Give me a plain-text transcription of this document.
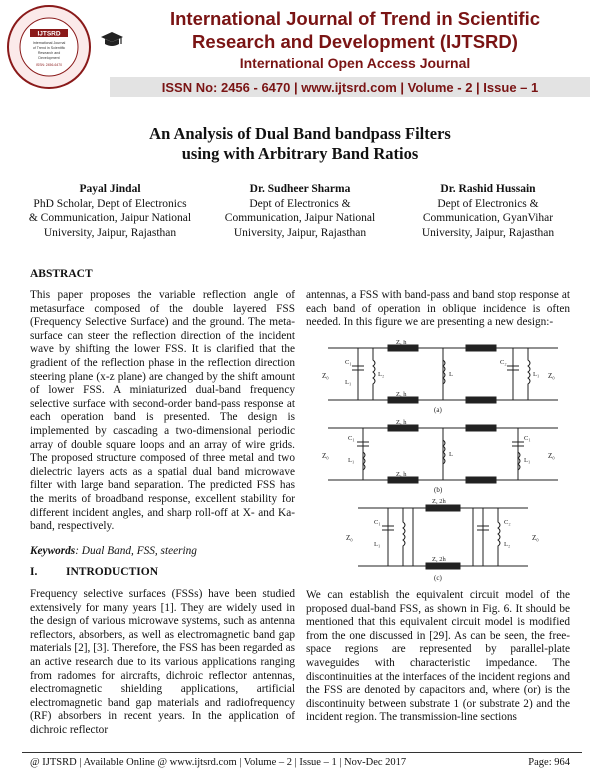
IJTSRD
International Journal
of Trend in Scientific
Research and
Development
ISSN: 2456-6470
International Journal of Trend in Scientific
Research and Development (IJTSRD)
International Open Access Journal
ISSN No: 2456 - 6470 | www.ijtsrd.com | Volume - 2 | Issue – 1
An Analysis of Dual Band bandpass Filters
using with Arbitrary Band Ratios
Payal Jindal
PhD Scholar, Dept of Electronics
& Communication, Jaipur National
University, Jaipur, Rajasthan
Dr. Sudheer Sharma
Dept of Electronics &
Communication, Jaipur National
University, Jaipur, Rajasthan
Dr. Rashid Hussain
Dept of Electronics &
Communication, GyanVihar
University, Jaipur, Rajasthan
ABSTRACT

This paper proposes the variable reflection angle of metasurface composed of the double layered FSS (Frequency Selective Surface) and the ground. The meta-surface can steer the reflection direction of the incident wave by shifting the lower FSS. It is clarified that the gradient of the reflection phase in the reflection direction steering plane (x-z plane) are changed by the shift amount of lower FSS. A miniaturized dual-band frequency selective surface with second-order band-pass response at each operation band is presented. The design is implemented by cascading a two-dimensional periodic array of double square loops and an array of wire grids. The proposed structure composed of three metal and two dielectric layers acts as a spatial dual band microwave filter with large band separation. The predicted FSS has the merits of broadband response, excellent stability for different incident angles, and sharp roll-off at X- and Ka-band, respectively.

Keywords: Dual Band, FSS, steering
I. INTRODUCTION

Frequency selective surfaces (FSSs) have been studied extensively for many years [1]. They are widely used in the design of various microwave systems, such as antenna reflectors, absorbers, as well as electromagnetic band gap materials [2], [3]. Therefore, the FSS has been regarded as an active research due to its various applications ranging from radomes for aircrafts, dichroic reflector antennas, electromagnetic shielding applications, artificial electromagnetic band gap materials and radiofrequency (RF) absorbers in recent years. In the application of dichroic reflector

antennas, a FSS with band-pass and band stop response at each band of operation in oblique incidence is often needed. In this figure we are presenting a new design:-

Z₀	Z₀
Z, h
Z, h
C₁
L₁
L₂	L
C₂
L₁
(a)
Z₀	Z₀
Z, h
Z, h
C₁
L₁
L
C₁
L₁
(b)
Z₀	Z₀
Z, 2h
Z, 2h
C₁
L₁
C₂
L₂
(c)

We can establish the equivalent circuit model of the proposed dual-band FSS, as shown in Fig. 6. It should be mentioned that this equivalent circuit model is modified from the one discussed in [29]. As can be seen, the free-space regions are represented by parallel-plate waveguides with characteristic impedance. The discontinuities at the interfaces of the incident regions and the FSS are denoted by capacitors and, where (or) is the discontinuity between substrate 1 (or substrate 2) and the incident region. The transmission-line sections

@ IJTSRD | Available Online @ www.ijtsrd.com | Volume – 2 | Issue – 1 | Nov-Dec 2017	Page: 964
